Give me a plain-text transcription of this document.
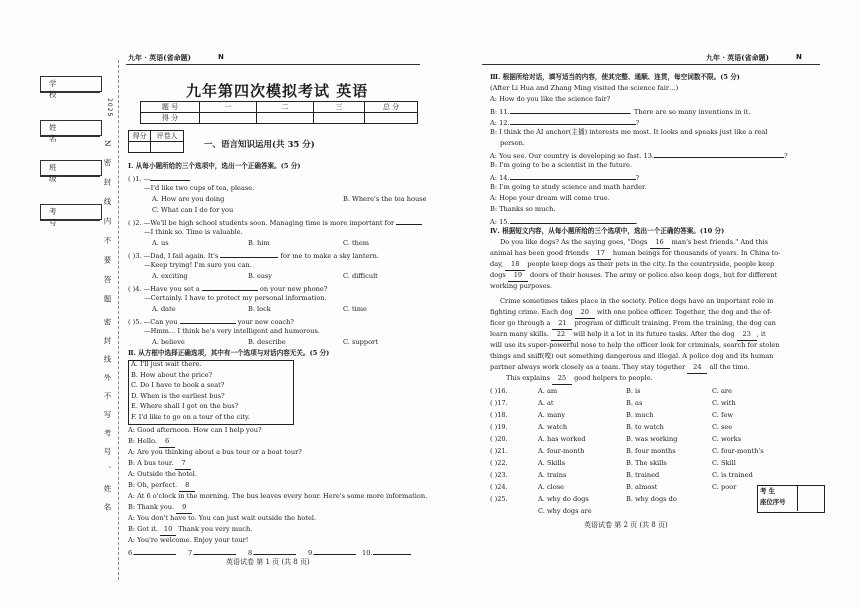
九年 · 英语(省命题)	N
学 校
姓 名
班 级
考 号
2025
N密封线内不要答题
密封线外不写考号、姓名
九年第四次模拟考试 英语
题 号	一	二	三	总 分
得 分				
得分	评卷人

一、语言知识运用(共 35 分)
Ⅰ. 从每小题所给的三个选项中，选出一个正确答案。(5 分)
( )1. —
—I'd like two cups of tea, please.
A. How are you doing	B. Where's the tea house
C. What can I do for you
( )2. —We'll be high school students soon. Managing time is more important for
—I think so. Time is valuable.
A. us	B. him	C. them
( )3. —Dad, I fail again. It's	for me to make a sky lantern.
—Keep trying! I'm sure you can.
A. exciting	B. easy	C. difficult
( )4. —Have you set a	on your new phone?
—Certainly. I have to protect my personal information.
A. date	B. lock	C. time
( )5. —Can you	your new coach?
—Hmm… I think he's very intelligent and humorous.
A. believe	B. describe	C. support
Ⅱ. 从方框中选择正确选项，其中有一个选项与对话内容无关。(5 分)
A. I'll just wait there.
B. How about the price?
C. Do I have to book a seat?
D. When is the earliest bus?
E. Where shall I get on the bus?
F. I'd like to go on a tour of the city.
A: Good afternoon. How can I help you?
B: Hello. 6
A: Are you thinking about a bus tour or a boat tour?
B: A bus tour. 7
A: Outside the hotel.
B: Oh, perfect. 8
A: At 6 o'clock in the morning. The bus leaves every hour. Here's some more information.
B: Thank you. 9
A: You don't have to. You can just wait outside the hotel.
B: Got it. 10 Thank you very much.
A: You're welcome. Enjoy your tour!
6.	7.	8.	9.	10.
英语试卷 第 1 页 (共 8 页)
九年 · 英语(省命题)	N
Ⅲ. 根据所给对话，填写适当的内容，使其完整、通顺、连贯，每空词数不限。(5 分)
(After Li Hua and Zhang Ming visited the science fair…)
A: How do you like the science fair?
B: 11.	. There are so many inventions in it.
A: 12.	?
B: I think the AI anchor(主播) interests me most. It looks and speaks just like a real
person.
A: You see. Our country is developing so fast. 13.	?
B: I'm going to be a scientist in the future.
A: 14.	?
B: I'm going to study science and math harder.
A: Hope your dream will come true.
B: Thanks so much.
A: 15.	.
Ⅳ. 根据短文内容，从每小题所给的三个选项中，选出一个正确的答案。(10 分)
Do you like dogs? As the saying goes, "Dogs 16 man's best friends." And this
animal has been good friends 17 human beings for thousands of years. In China to-
day, 18 people keep dogs as their pets in the city. In the countryside, people keep
dogs 19 doors of their houses. The army or police also keep dogs, but for different
working purposes.
Crime sometimes takes place in the society. Police dogs have an important role in
fighting crime. Each dog 20 with one police officer. Together, the dog and the of-
ficer go through a 21 program of difficult training. From the training, the dog can
learn many skills. 22 will help it a lot in its future tasks. After the dog 23 , it
will use its super-powerful nose to help the officer look for criminals, search for stolen
things and sniff(嗅) out something dangerous and illegal. A police dog and its human
partner always work closely as a team. They stay together 24 all the time.
This explains 25 good helpers to people.
( )16.	A. am	B. is	C. are
( )17.	A. at	B. as	C. with
( )18.	A. many	B. much	C. few
( )19.	A. watch	B. to watch	C. see
( )20.	A. has worked	B. was working	C. works
( )21.	A. four-month	B. four months	C. four-month's
( )22.	A. Skills	B. The skills	C. Skill
( )23.	A. trains	B. trained	C. is trained
( )24.	A. close	B. almost	C. poor
( )25.	A. why do dogs	B. why dogs do
C. why dogs are
考 生
座位序号
英语试卷 第 2 页 (共 8 页)
